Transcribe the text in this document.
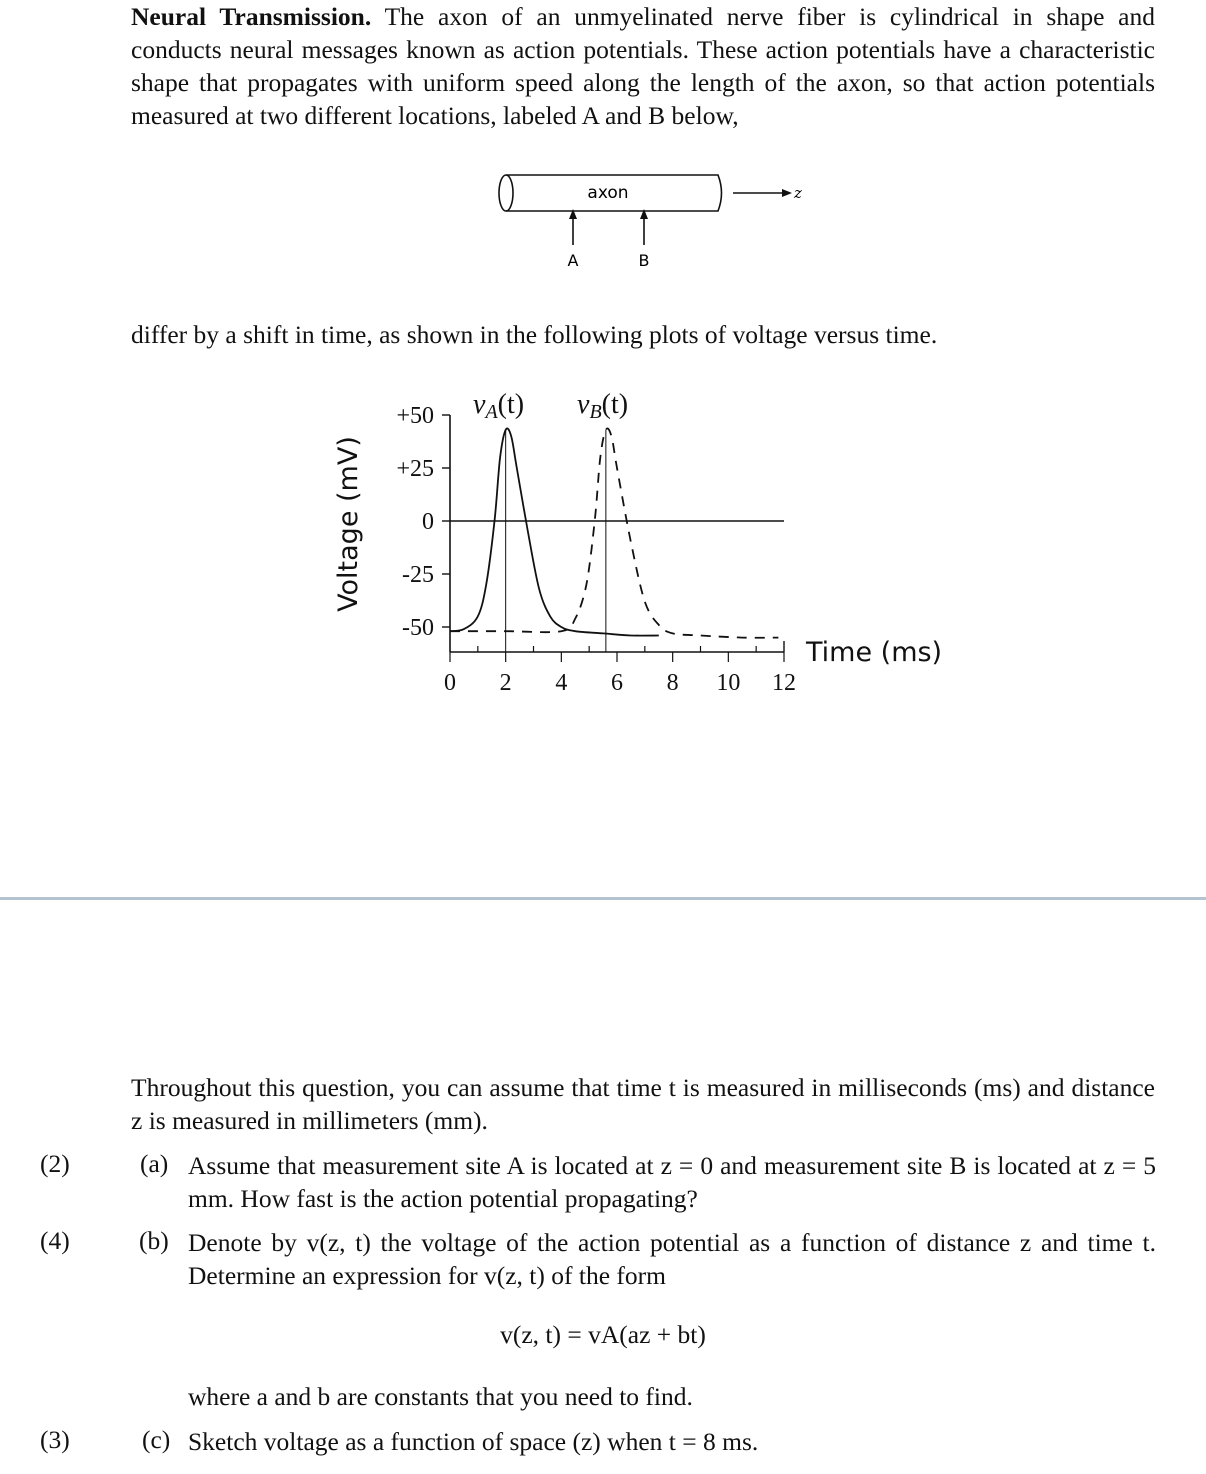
Neural Transmission. The axon of an unmyelinated nerve fiber is cylindrical in shape and conducts neural messages known as action potentials. These action potentials have a characteristic shape that propagates with uniform speed along the length of the axon, so that action potentials measured at two different locations, labeled A and B below,
axon	z
A	B
differ by a shift in time, as shown in the following plots of voltage versus time.
+50
+25
0
-25
-50
0 2 4 6 8 10 12
vA(t) vB(t)
Time (ms)
Voltage (mV)
Throughout this question, you can assume that time t is measured in milliseconds (ms) and distance z is measured in millimeters (mm).
(2)	(a) Assume that measurement site A is located at z = 0 and measurement site B is located at z = 5 mm. How fast is the action potential propagating?
(4)	(b) Denote by v(z, t) the voltage of the action potential as a function of distance z and time t. Determine an expression for v(z, t) of the form
v(z, t) = vA(az + bt)
where a and b are constants that you need to find.
(3)	(c) Sketch voltage as a function of space (z) when t = 8 ms.
